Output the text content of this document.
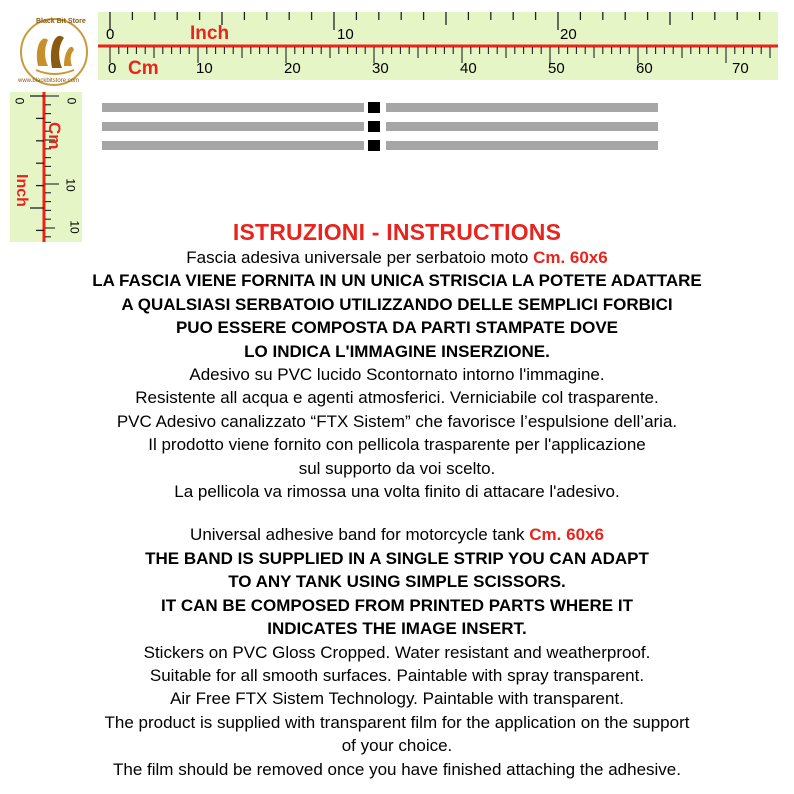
Black Bit Store
www.blackbitstore.com
Inch
Cm
0	10	20
0	10	20	30	40	50	60	70
Cm
Inch
0
10
0
10	ISTRUZIONI - INSTRUCTIONS
Fascia adesiva universale per serbatoio moto Cm. 60x6
LA FASCIA VIENE FORNITA IN UN UNICA STRISCIA LA POTETE ADATTARE
A QUALSIASI SERBATOIO UTILIZZANDO DELLE SEMPLICI FORBICI
PUO ESSERE COMPOSTA DA PARTI STAMPATE DOVE
LO INDICA L'IMMAGINE INSERZIONE.
Adesivo su PVC lucido Scontornato intorno l'immagine.
Resistente all acqua e agenti atmosferici. Verniciabile col trasparente.
PVC Adesivo canalizzato “FTX Sistem” che favorisce l’espulsione dell’aria.
Il prodotto viene fornito con pellicola trasparente per l'applicazione
sul supporto da voi scelto.
La pellicola va rimossa una volta finito di attacare l'adesivo.
Universal adhesive band for motorcycle tank Cm. 60x6
THE BAND IS SUPPLIED IN A SINGLE STRIP YOU CAN ADAPT
TO ANY TANK USING SIMPLE SCISSORS.
IT CAN BE COMPOSED FROM PRINTED PARTS WHERE IT
INDICATES THE IMAGE INSERT.
Stickers on PVC Gloss Cropped. Water resistant and weatherproof.
Suitable for all smooth surfaces. Paintable with spray transparent.
Air Free FTX Sistem Technology. Paintable with transparent.
The product is supplied with transparent film for the application on the support
of your choice.
The film should be removed once you have finished attaching the adhesive.
